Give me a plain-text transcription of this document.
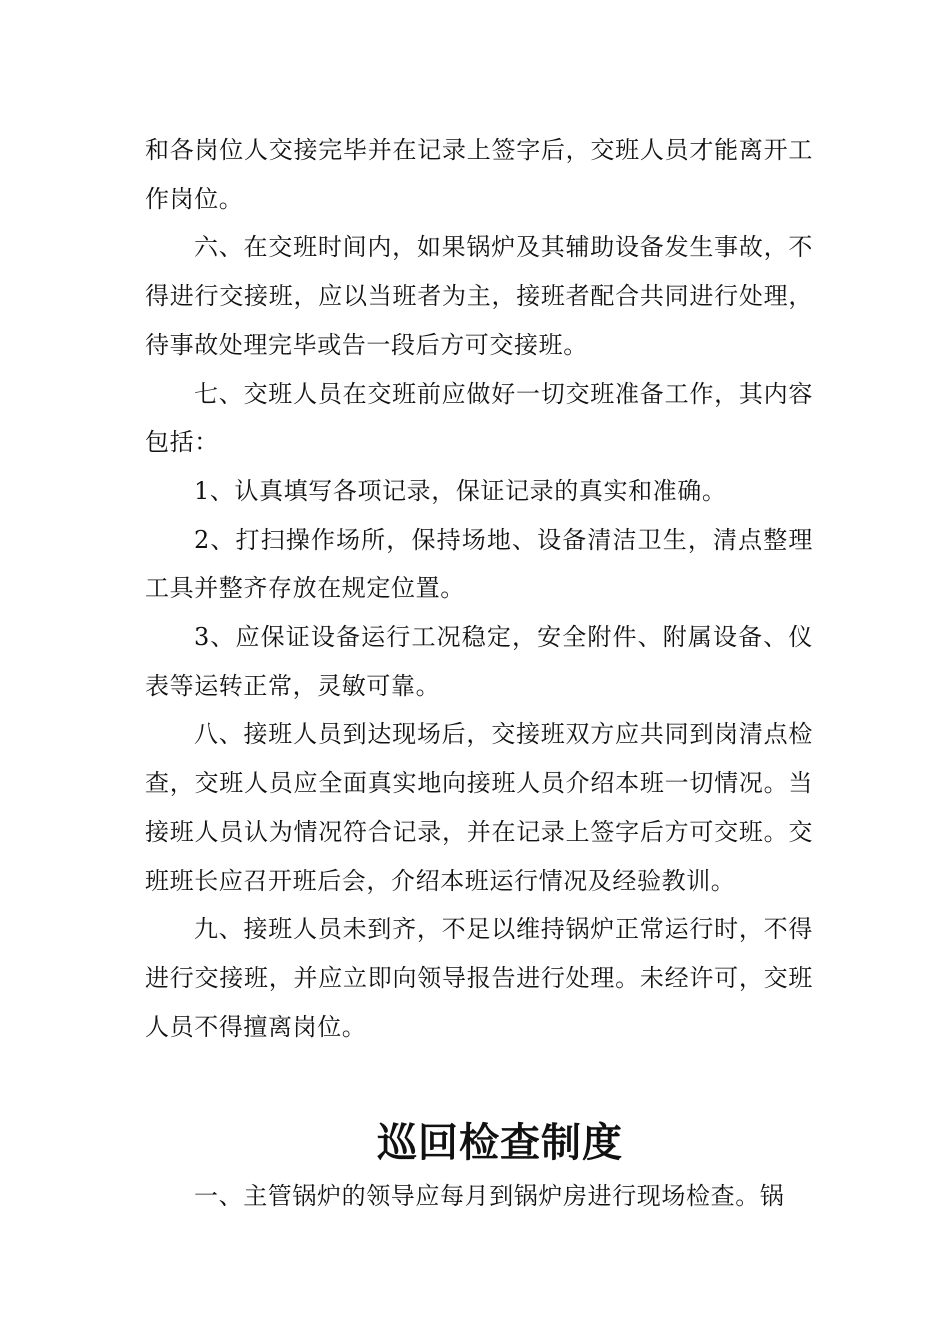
和各岗位人交接完毕并在记录上签字后，交班人员才能离开工作岗位。

六、在交班时间内，如果锅炉及其辅助设备发生事故，不得进行交接班，应以当班者为主，接班者配合共同进行处理，待事故处理完毕或告一段后方可交接班。

七、交班人员在交班前应做好一切交班准备工作，其内容包括：

1、认真填写各项记录，保证记录的真实和准确。

2、打扫操作场所，保持场地、设备清洁卫生，清点整理工具并整齐存放在规定位置。

3、应保证设备运行工况稳定，安全附件、附属设备、仪表等运转正常，灵敏可靠。

八、接班人员到达现场后，交接班双方应共同到岗清点检查，交班人员应全面真实地向接班人员介绍本班一切情况。当接班人员认为情况符合记录，并在记录上签字后方可交班。交班班长应召开班后会，介绍本班运行情况及经验教训。

九、接班人员未到齐，不足以维持锅炉正常运行时，不得进行交接班，并应立即向领导报告进行处理。未经许可，交班人员不得擅离岗位。

巡回检查制度

一、主管锅炉的领导应每月到锅炉房进行现场检查。锅
